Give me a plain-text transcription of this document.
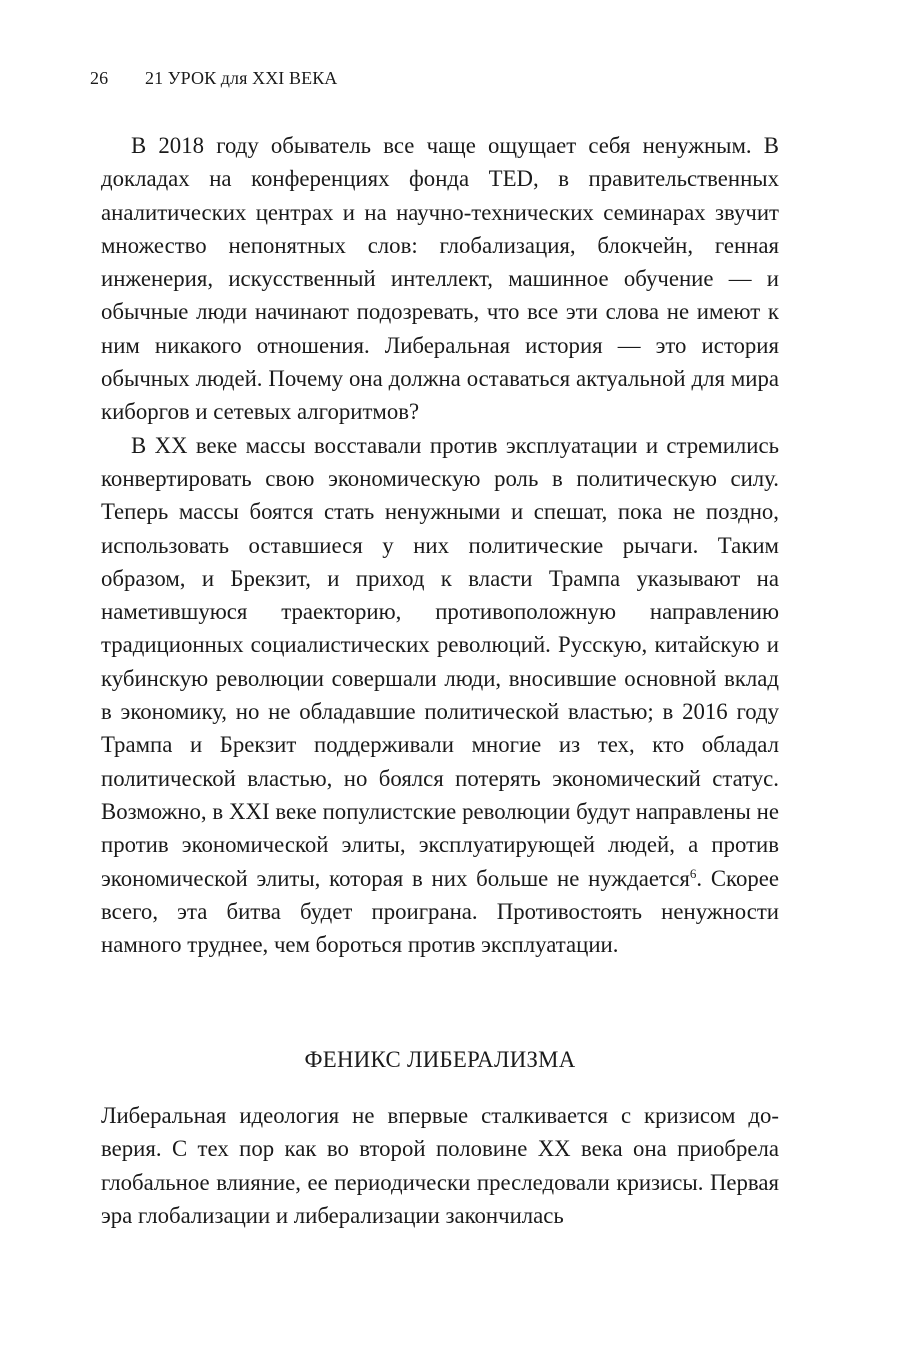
26 21 УРОК для XXI ВЕКА

В 2018 году обыватель все чаще ощущает себя ненужным. В докладах на конференциях фонда TED, в правительственных аналитических центрах и на научно-технических семинарах звучит множество непонятных слов: глобализация, блокчейн, генная инженерия, искусственный интеллект, машинное обучение — и обычные люди начинают подозревать, что все эти слова не имеют к ним никакого отношения. Либеральная история — это история обычных людей. Почему она должна оставаться актуальной для мира киборгов и сетевых алгоритмов?

В XX веке массы восставали против эксплуатации и стремились конвертировать свою экономическую роль в политическую силу. Теперь массы боятся стать ненужными и спешат, пока не поздно, использовать оставшиеся у них политические рычаги. Таким образом, и Брекзит, и приход к власти Трампа указывают на наметившуюся траекторию, противоположную направлению традиционных социалистических революций. Русскую, китайскую и кубинскую революции совершали люди, вносившие основной вклад в экономику, но не обладавшие политической властью; в 2016 году Трампа и Брекзит поддерживали многие из тех, кто обладал политической властью, но боялся потерять экономический статус. Возможно, в XXI веке популистские революции будут направлены не против экономической элиты, эксплуатирующей людей, а против экономической элиты, которая в них больше не нуждается$^6$. Скорее всего, эта битва будет проиграна. Противостоять ненужности намного труднее, чем бороться против эксплуатации.

ФЕНИКС ЛИБЕРАЛИЗМА

Либеральная идеология не впервые сталкивается с кризисом доверия. С тех пор как во второй половине XX века она приобрела глобальное влияние, ее периодически преследовали кризисы. Первая эра глобализации и либерализации закончилась
